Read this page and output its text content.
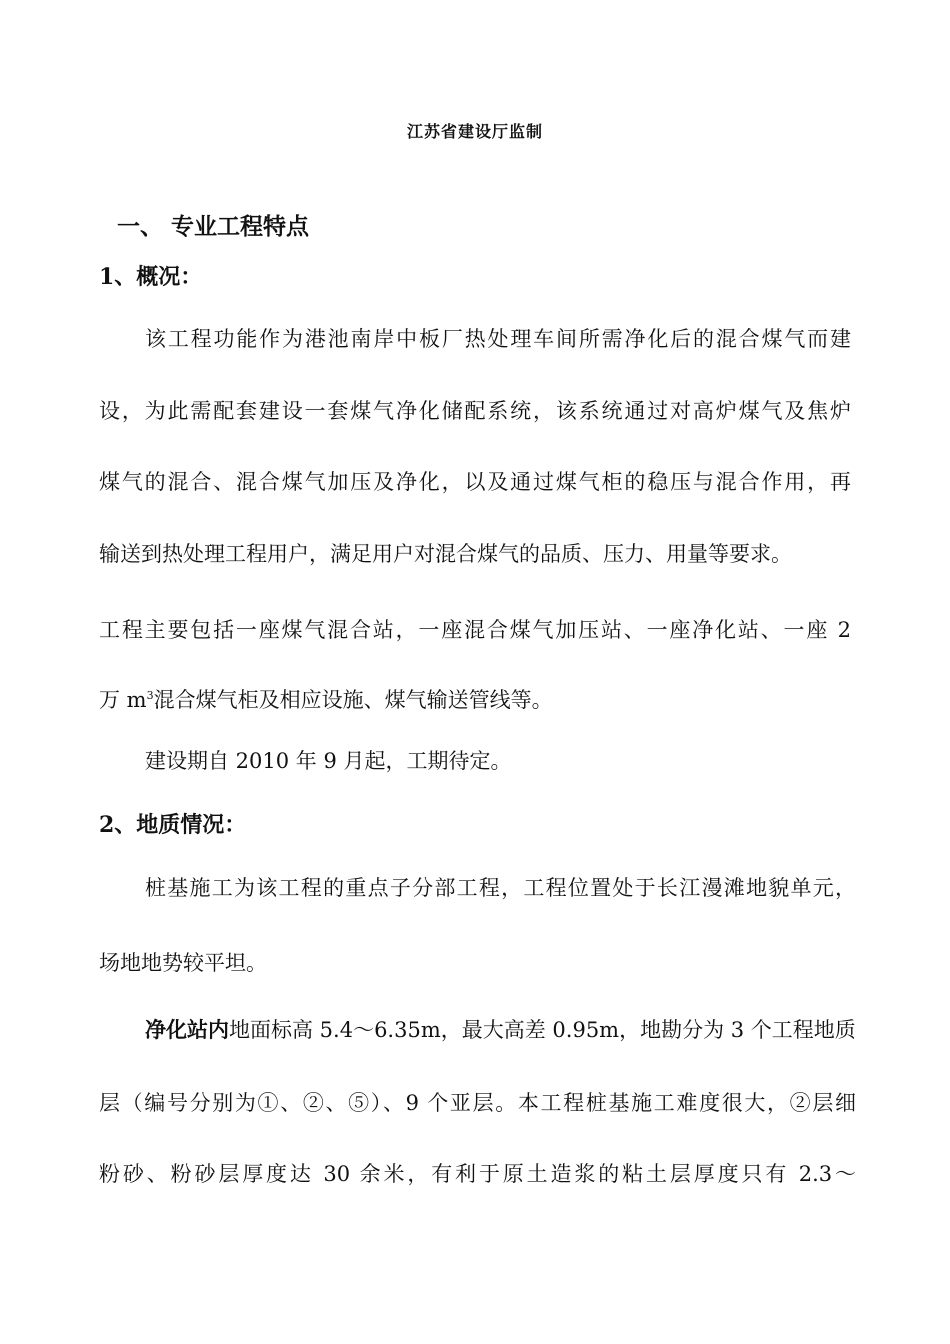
江苏省建设厅监制

一、 专业工程特点

1、概况：

该工程功能作为港池南岸中板厂热处理车间所需净化后的混合煤气而建

设，为此需配套建设一套煤气净化储配系统，该系统通过对高炉煤气及焦炉

煤气的混合、混合煤气加压及净化，以及通过煤气柜的稳压与混合作用，再

输送到热处理工程用户，满足用户对混合煤气的品质、压力、用量等要求。

工程主要包括一座煤气混合站，一座混合煤气加压站、一座净化站、一座 2

万 $m^3$混合煤气柜及相应设施、煤气输送管线等。

建设期自 2010 年 9 月起，工期待定。

2、地质情况：

桩基施工为该工程的重点子分部工程，工程位置处于长江漫滩地貌单元，

场地地势较平坦。

净化站内地面标高 5.4～6.35m，最大高差 0.95m，地勘分为 3 个工程地质

层（编号分别为①、②、⑤）、9 个亚层。本工程桩基施工难度很大，②层细

粉砂、粉砂层厚度达 30 余米，有利于原土造浆的粘土层厚度只有 2.3～
